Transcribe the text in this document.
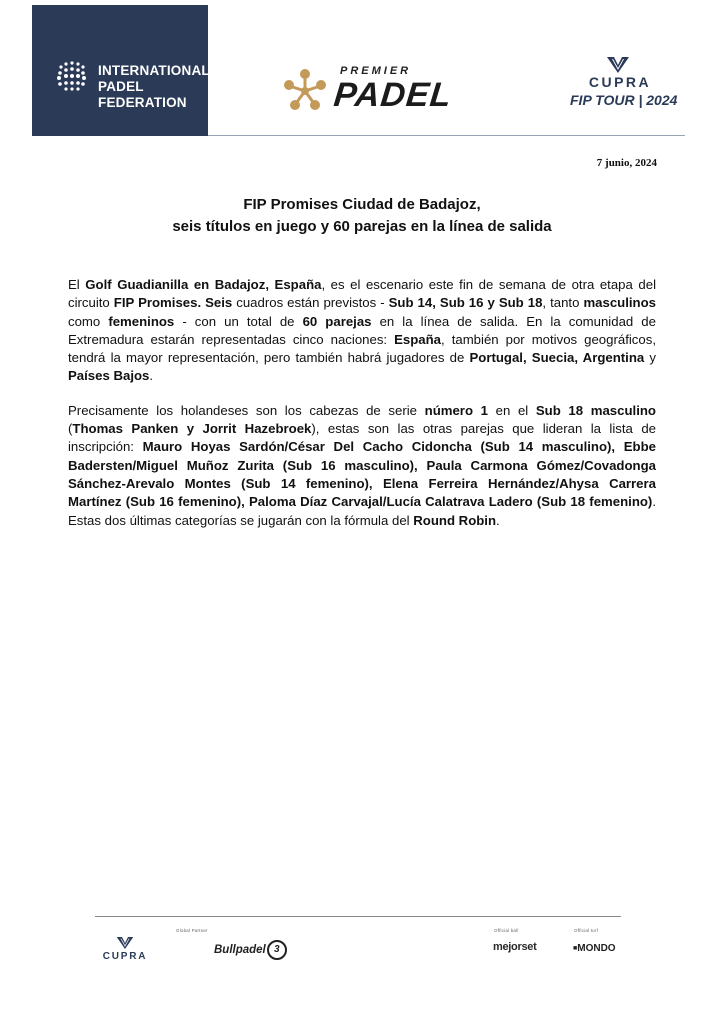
INTERNATIONAL
PADEL
FEDERATION
PREMIER
PADEL	CUPRA
FIP TOUR | 2024
7 junio, 2024
FIP Promises Ciudad de Badajoz,
seis títulos en juego y 60 parejas en la línea de salida

El Golf Guadianilla en Badajoz, España, es el escenario este fin de semana de otra etapa del circuito FIP Promises. Seis cuadros están previstos - Sub 14, Sub 16 y Sub 18, tanto masculinos como femeninos - con un total de 60 parejas en la línea de salida. En la comunidad de Extremadura estarán representadas cinco naciones: España, también por motivos geográficos, tendrá la mayor representación, pero también habrá jugadores de Portugal, Suecia, Argentina y Países Bajos.

Precisamente los holandeses son los cabezas de serie número 1 en el Sub 18 masculino (Thomas Panken y Jorrit Hazebroek), estas son las otras parejas que lideran la lista de inscripción: Mauro Hoyas Sardón/César Del Cacho Cidoncha (Sub 14 masculino), Ebbe Badersten/Miguel Muñoz Zurita (Sub 16 masculino), Paula Carmona Gómez/Covadonga Sánchez-Arevalo Montes (Sub 14 femenino), Elena Ferreira Hernández/Ahysa Carrera Martínez (Sub 16 femenino), Paloma Díaz Carvajal/Lucía Calatrava Ladero (Sub 18 femenino). Estas dos últimas categorías se jugarán con la fórmula del Round Robin.

Global Partner	Official ball	Official turf
CUPRA
Bullpadel 3	mejorset	■MONDO
